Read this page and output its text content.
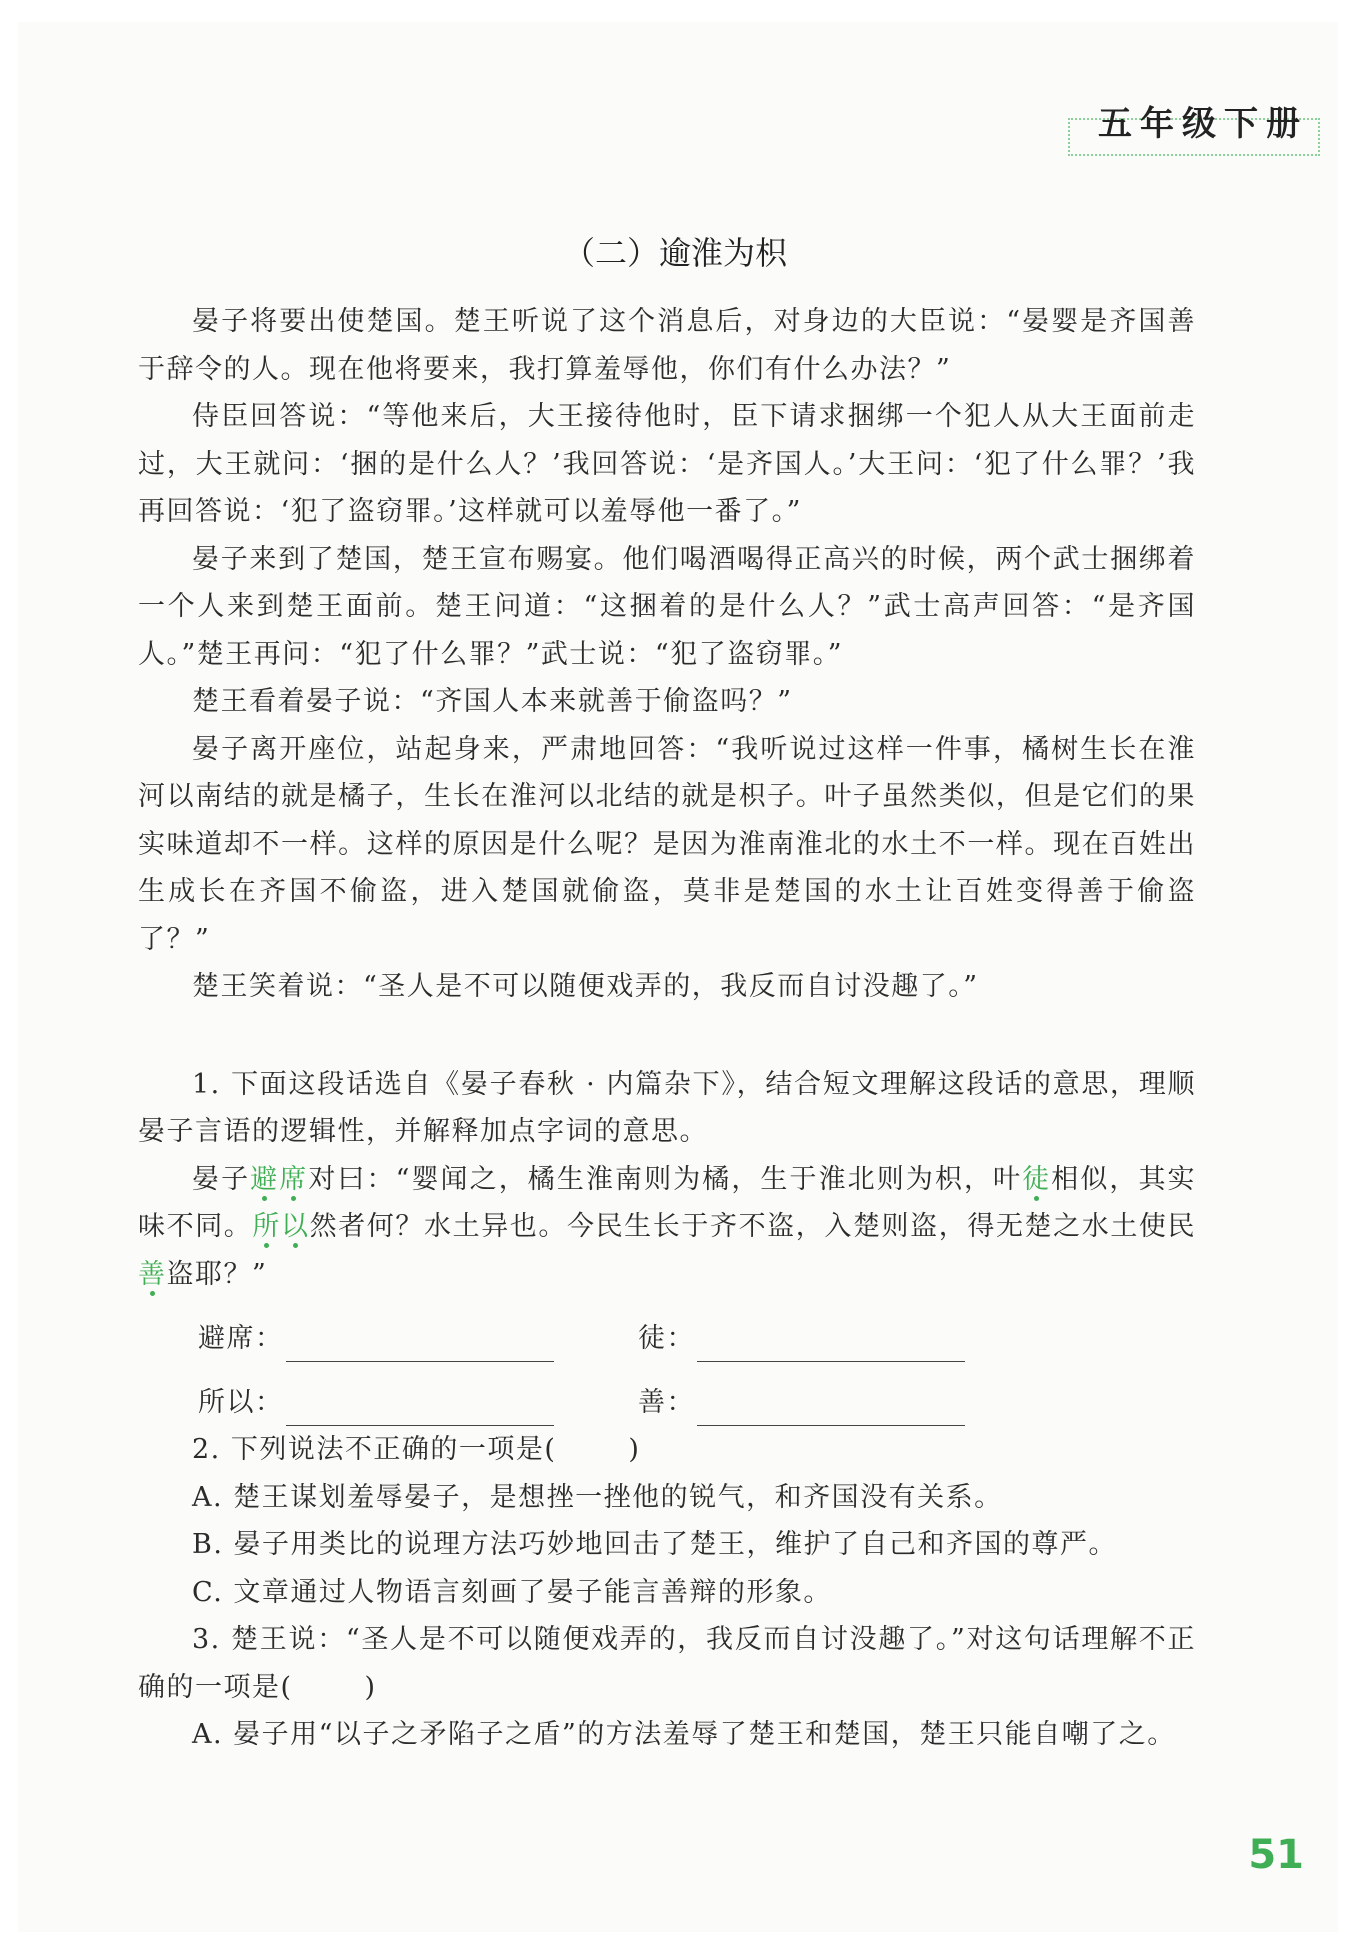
五年级下册
（二）逾淮为枳

晏子将要出使楚国。楚王听说了这个消息后，对身边的大臣说：“晏婴是齐国善于辞令的人。现在他将要来，我打算羞辱他，你们有什么办法？”

侍臣回答说：“等他来后，大王接待他时，臣下请求捆绑一个犯人从大王面前走过，大王就问：‘捆的是什么人？’我回答说：‘是齐国人。’大王问：‘犯了什么罪？’我再回答说：‘犯了盗窃罪。’这样就可以羞辱他一番了。”

晏子来到了楚国，楚王宣布赐宴。他们喝酒喝得正高兴的时候，两个武士捆绑着一个人来到楚王面前。楚王问道：“这捆着的是什么人？”武士高声回答：“是齐国人。”楚王再问：“犯了什么罪？”武士说：“犯了盗窃罪。”

楚王看着晏子说：“齐国人本来就善于偷盗吗？”

晏子离开座位，站起身来，严肃地回答：“我听说过这样一件事，橘树生长在淮河以南结的就是橘子，生长在淮河以北结的就是枳子。叶子虽然类似，但是它们的果实味道却不一样。这样的原因是什么呢？是因为淮南淮北的水土不一样。现在百姓出生成长在齐国不偷盗，进入楚国就偷盗，莫非是楚国的水土让百姓变得善于偷盗了？”

楚王笑着说：“圣人是不可以随便戏弄的，我反而自讨没趣了。”

1. 下面这段话选自《晏子春秋 · 内篇杂下》，结合短文理解这段话的意思，理顺晏子言语的逻辑性，并解释加点字词的意思。

晏子避席对曰：“婴闻之，橘生淮南则为橘，生于淮北则为枳，叶徒相似，其实味不同。所以然者何？水土异也。今民生长于齐不盗，入楚则盗，得无楚之水土使民善盗耶？”

避席：	徒：
所以：	善：

2. 下列说法不正确的一项是(	)

A. 楚王谋划羞辱晏子，是想挫一挫他的锐气，和齐国没有关系。

B. 晏子用类比的说理方法巧妙地回击了楚王，维护了自己和齐国的尊严。

C. 文章通过人物语言刻画了晏子能言善辩的形象。

3. 楚王说：“圣人是不可以随便戏弄的，我反而自讨没趣了。”对这句话理解不正确的一项是(	)

A. 晏子用“以子之矛陷子之盾”的方法羞辱了楚王和楚国，楚王只能自嘲了之。

51
